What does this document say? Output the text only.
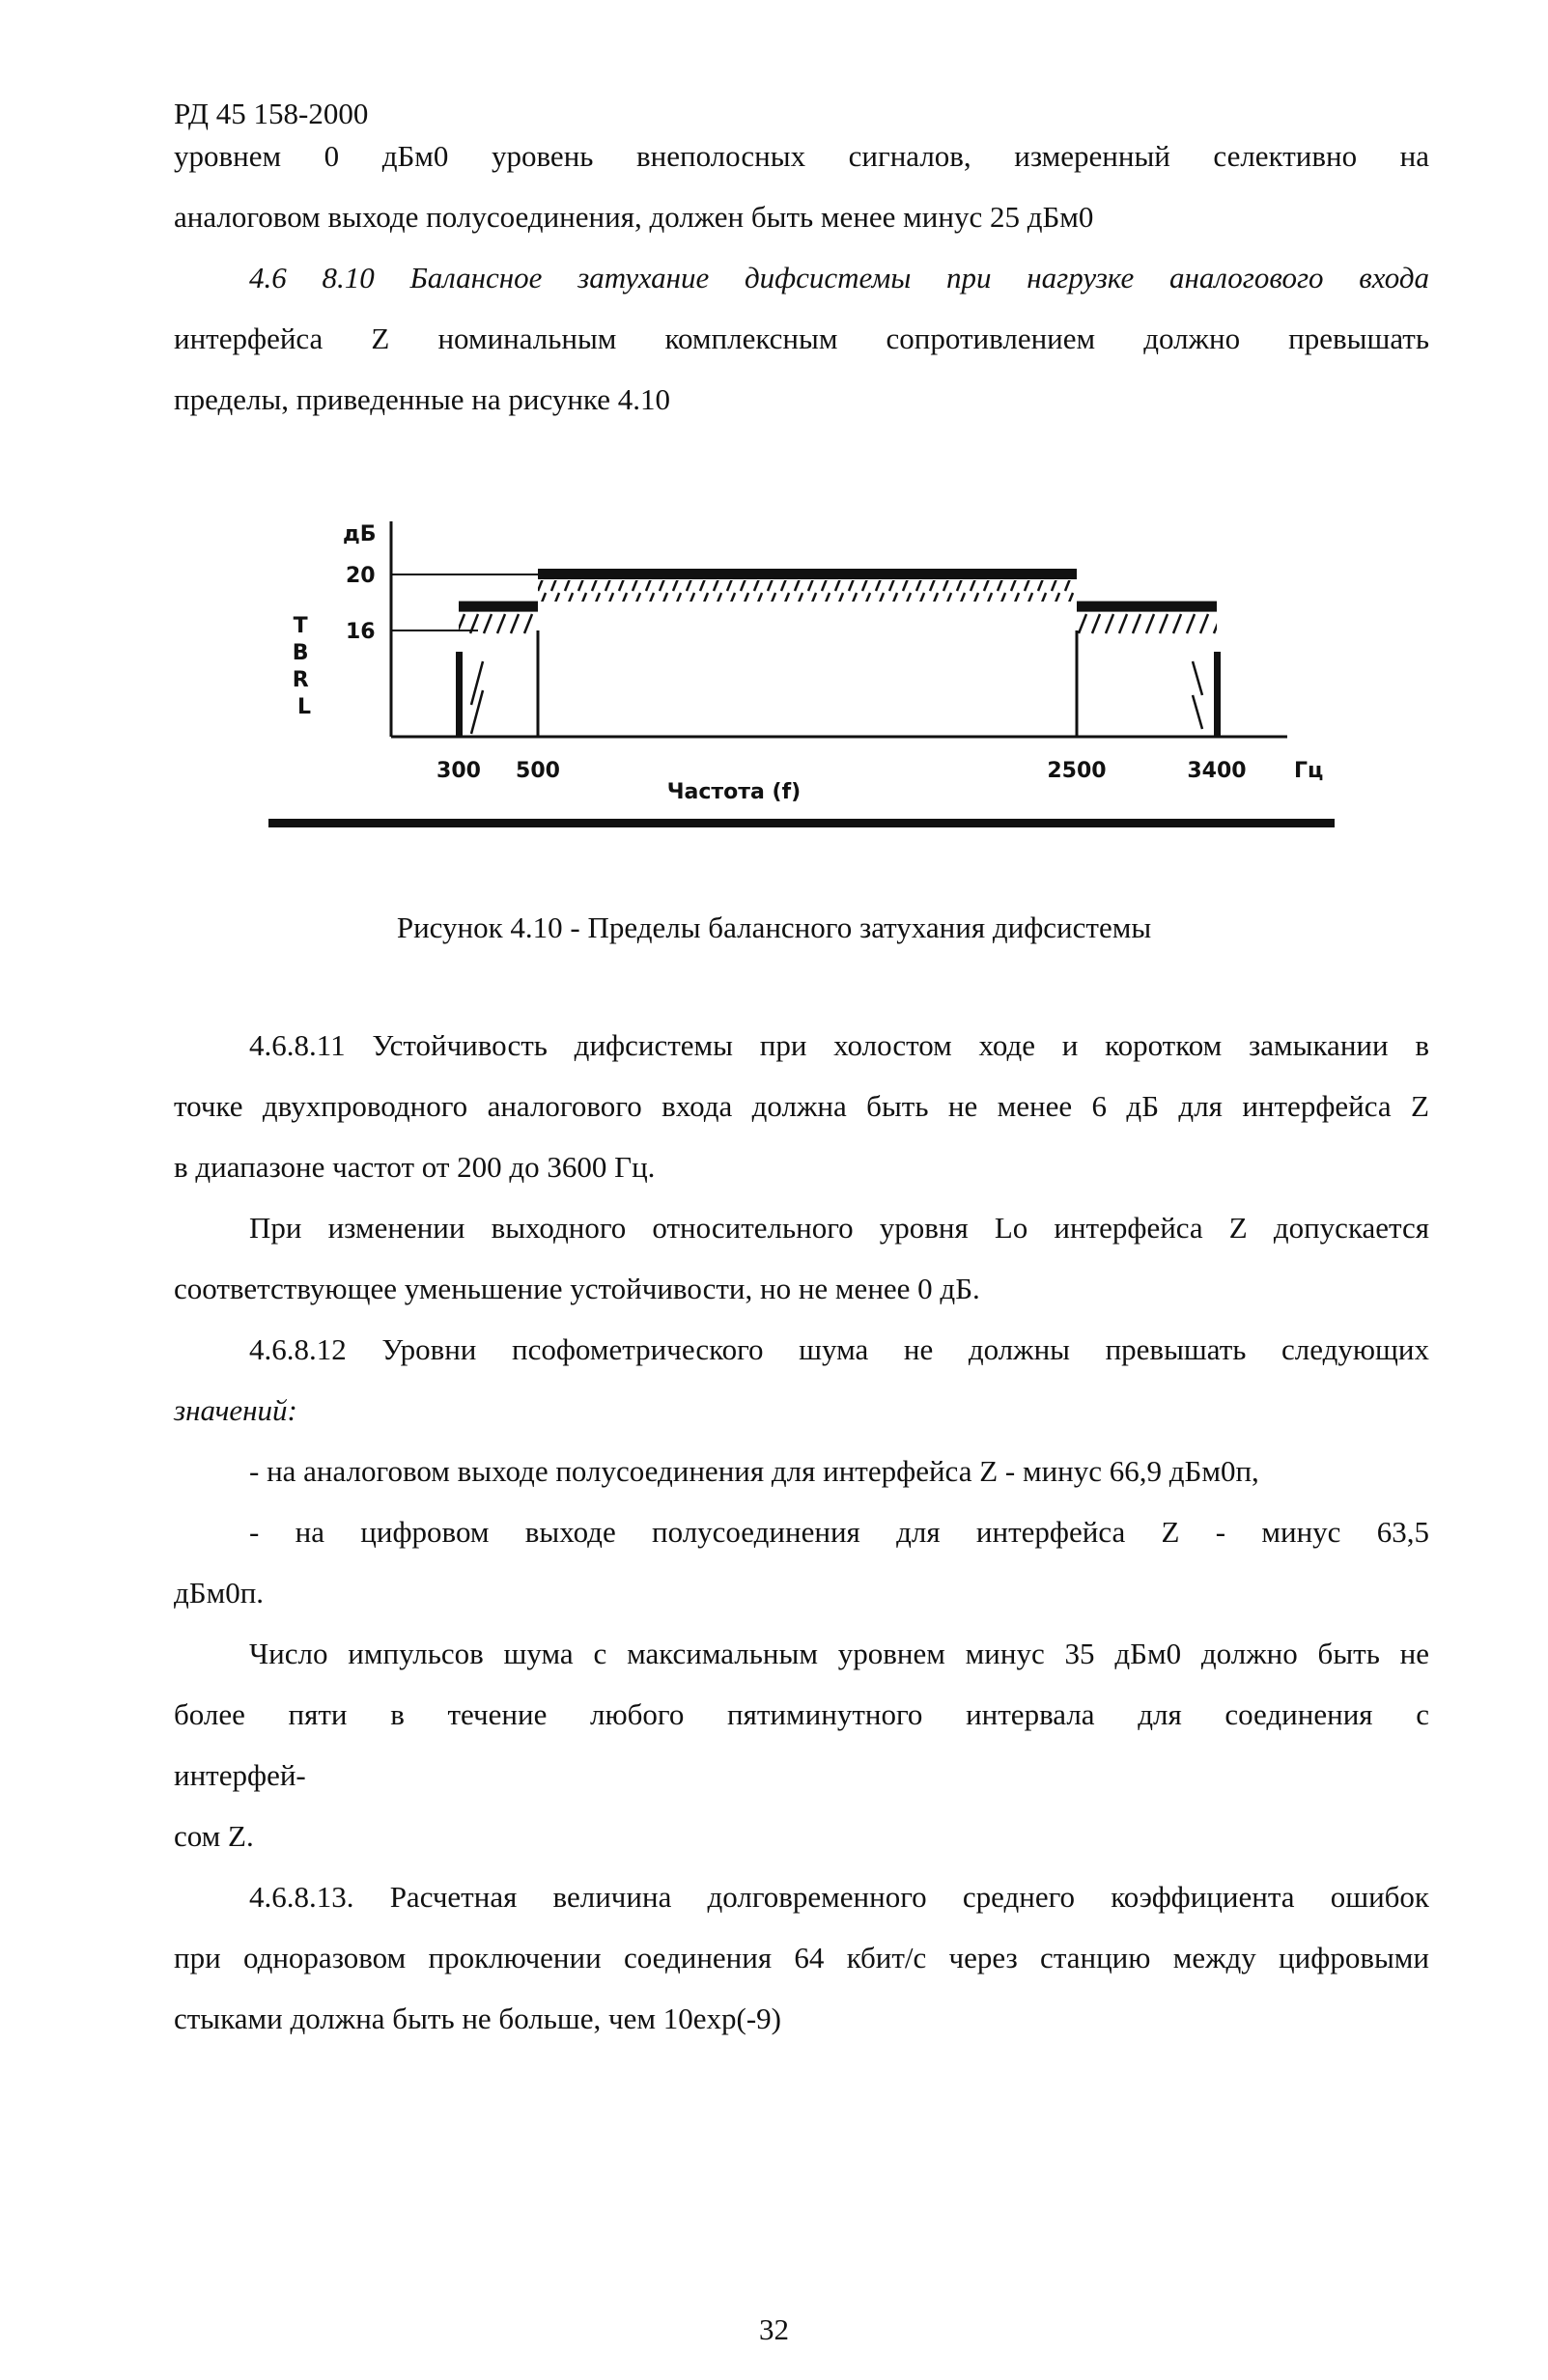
РД 45 158-2000
уровнем 0 дБм0 уровень внеполосных сигналов, измеренный селективно на
аналоговом выходе полусоединения, должен быть менее минус 25 дБм0
4.6 8.10 Балансное затухание дифсистемы при нагрузке аналогового входа
интерфейса Z номинальным комплексным сопротивлением должно превышать
пределы, приведенные на рисунке 4.10
дБ
20
16
T B R L
300 500	2500	3400 Гц
Частота (f)
Рисунок 4.10 - Пределы балансного затухания дифсистемы
4.6.8.11 Устойчивость дифсистемы при холостом ходе и коротком замыкании в
точке двухпроводного аналогового входа должна быть не менее 6 дБ для интерфейса Z
в диапазоне частот от 200 до 3600 Гц.
При изменении выходного относительного уровня Lo интерфейса Z допускается
соответствующее уменьшение устойчивости, но не менее 0 дБ.
4.6.8.12 Уровни псофометрического шума не должны превышать следующих
значений:
- на аналоговом выходе полусоединения для интерфейса Z - минус 66,9 дБм0п,
- на цифровом выходе полусоединения для интерфейса Z - минус 63,5
дБм0п.
Число импульсов шума с максимальным уровнем минус 35 дБм0 должно быть не
более пяти в течение любого пятиминутного интервала для соединения с
интерфей-
сом Z.
4.6.8.13. Расчетная величина долговременного среднего коэффициента ошибок
при одноразовом проключении соединения 64 кбит/с через станцию между цифровыми
стыками должна быть не больше, чем 10exp(-9)
32
